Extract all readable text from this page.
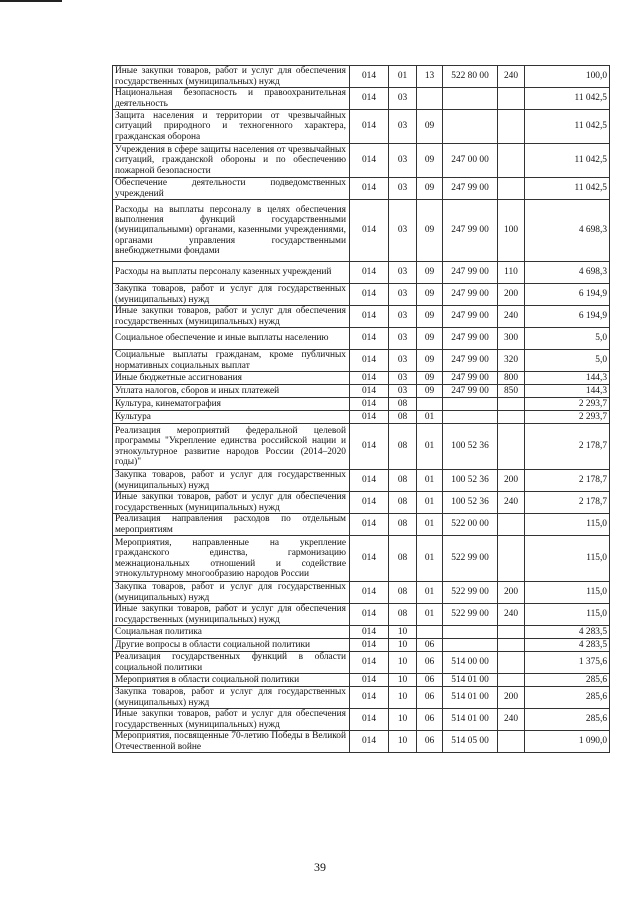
Иные закупки товаров, работ и услуг для обеспечения государственных (муниципальных) нужд	014	01	13	522 80 00	240	100,0
Национальная безопасность и правоохранительная деятельность	014	03				11 042,5
Защита населения и территории от чрезвычайных ситуаций природного и техногенного характера, гражданская оборона	014	03	09			11 042,5
Учреждения в сфере защиты населения от чрезвычайных ситуаций, гражданской обороны и по обеспечению пожарной безопасности	014	03	09	247 00 00		11 042,5
Обеспечение деятельности подведомственных учреждений	014	03	09	247 99 00		11 042,5
Расходы на выплаты персоналу в целях обеспечения выполнения функций государственными (муниципальными) органами, казенными учреждениями, органами управления государственными внебюджетными фондами	014	03	09	247 99 00	100	4 698,3
Расходы на выплаты персоналу казенных учреждений	014	03	09	247 99 00	110	4 698,3
Закупка товаров, работ и услуг для государственных (муниципальных) нужд	014	03	09	247 99 00	200	6 194,9
Иные закупки товаров, работ и услуг для обеспечения государственных (муниципальных) нужд	014	03	09	247 99 00	240	6 194,9
Социальное обеспечение и иные выплаты населению	014	03	09	247 99 00	300	5,0
Социальные выплаты гражданам, кроме публичных нормативных социальных выплат	014	03	09	247 99 00	320	5,0
Иные бюджетные ассигнования	014	03	09	247 99 00	800	144,3
Уплата налогов, сборов и иных платежей	014	03	09	247 99 00	850	144,3
Культура, кинематография	014	08				2 293,7
Культура	014	08	01			2 293,7
Реализация мероприятий федеральной целевой программы "Укрепление единства российской нации и этнокультурное развитие народов России (2014–2020 годы)"	014	08	01	100 52 36		2 178,7
Закупка товаров, работ и услуг для государственных (муниципальных) нужд	014	08	01	100 52 36	200	2 178,7
Иные закупки товаров, работ и услуг для обеспечения государственных (муниципальных) нужд	014	08	01	100 52 36	240	2 178,7
Реализация направления расходов по отдельным мероприятиям	014	08	01	522 00 00		115,0
Мероприятия, направленные на укрепление гражданского единства, гармонизацию межнациональных отношений и содействие этнокультурному многообразию народов России	014	08	01	522 99 00		115,0
Закупка товаров, работ и услуг для государственных (муниципальных) нужд	014	08	01	522 99 00	200	115,0
Иные закупки товаров, работ и услуг для обеспечения государственных (муниципальных) нужд	014	08	01	522 99 00	240	115,0
Социальная политика	014	10				4 283,5
Другие вопросы в области социальной политики	014	10	06			4 283,5
Реализация государственных функций в области социальной политики	014	10	06	514 00 00		1 375,6
Мероприятия в области социальной политики	014	10	06	514 01 00		285,6
Закупка товаров, работ и услуг для государственных (муниципальных) нужд	014	10	06	514 01 00	200	285,6
Иные закупки товаров, работ и услуг для обеспечения государственных (муниципальных) нужд	014	10	06	514 01 00	240	285,6
Мероприятия, посвященные 70-летию Победы в Великой Отечественной войне	014	10	06	514 05 00		1 090,0
39
